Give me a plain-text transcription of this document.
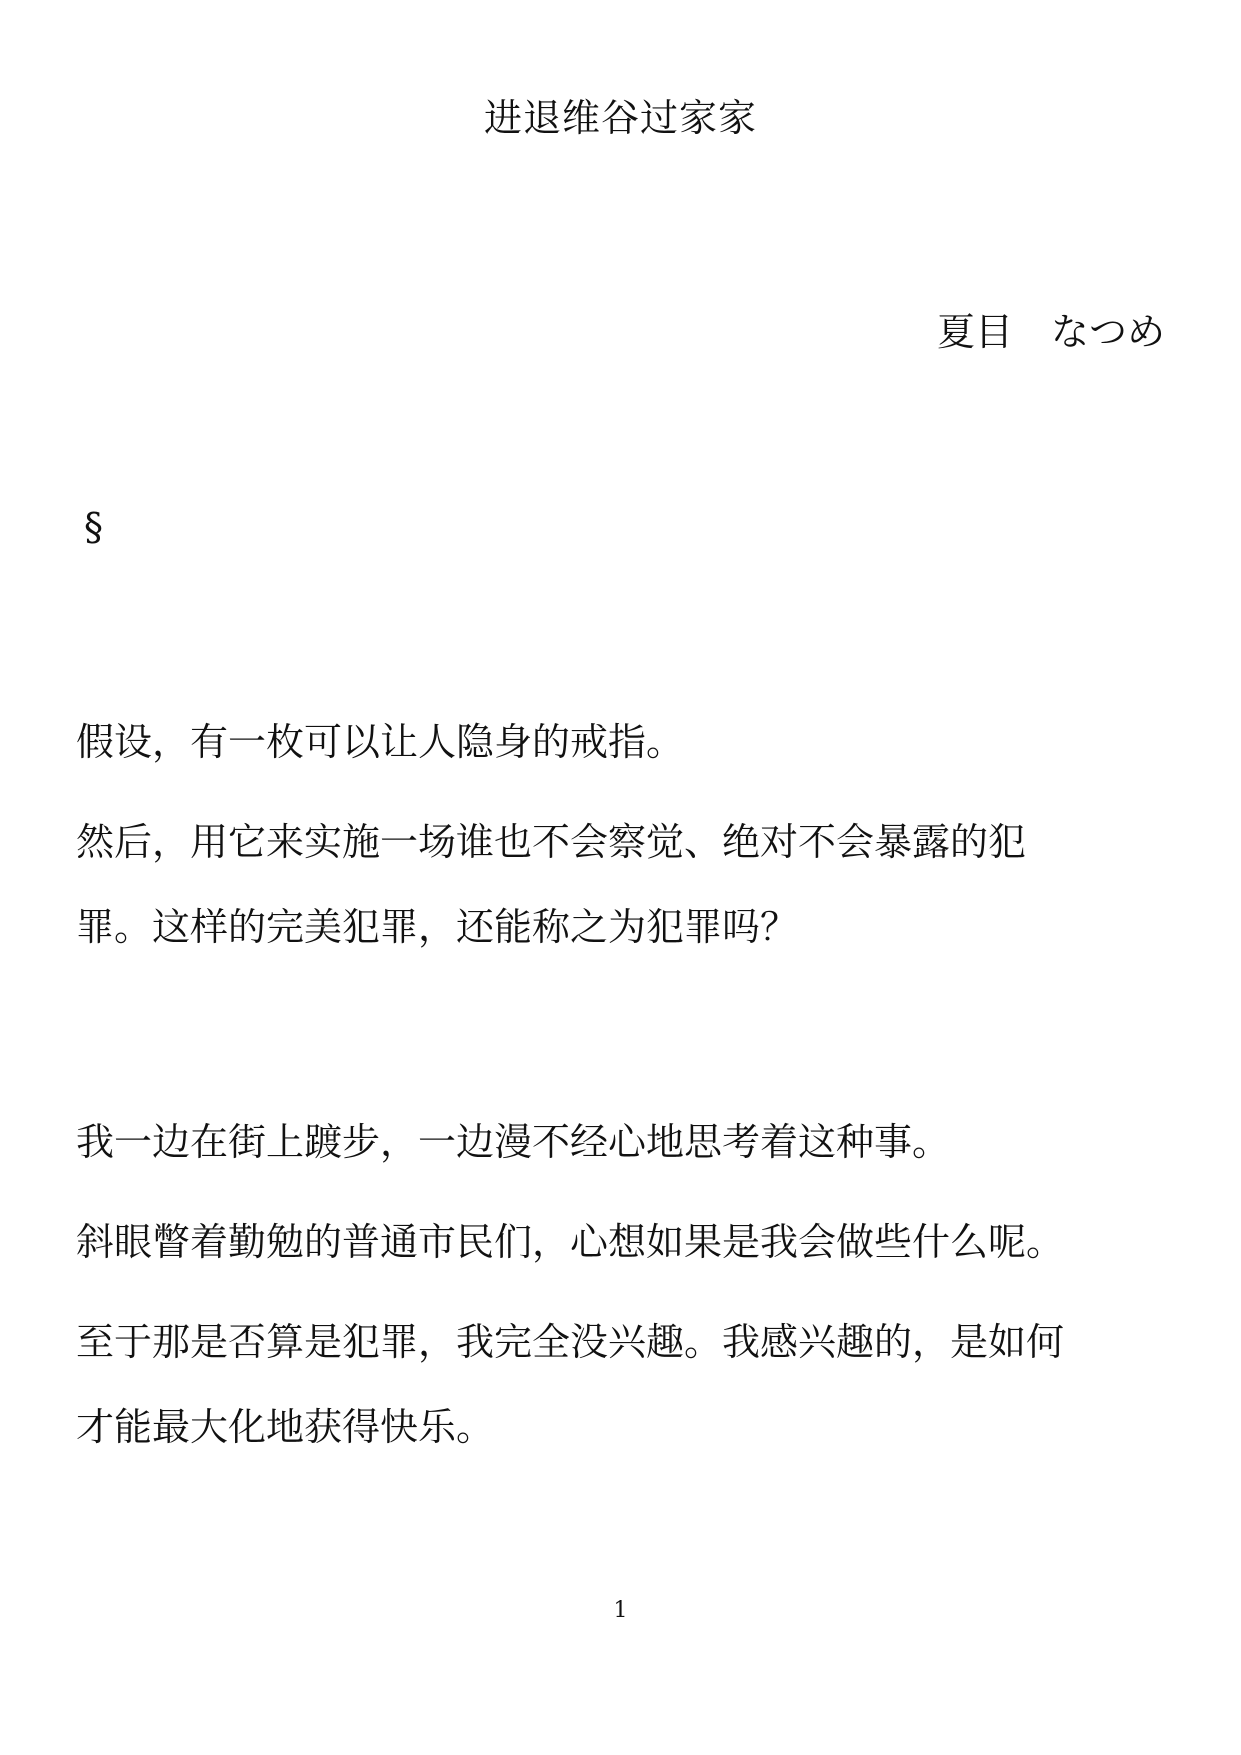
进退维谷过家家
夏目　なつめ
§

假设，有一枚可以让人隐身的戒指。

然后，用它来实施一场谁也不会察觉、绝对不会暴露的犯

罪。这样的完美犯罪，还能称之为犯罪吗？

我一边在街上踱步，一边漫不经心地思考着这种事。

斜眼瞥着勤勉的普通市民们，心想如果是我会做些什么呢。

至于那是否算是犯罪，我完全没兴趣。我感兴趣的，是如何

才能最大化地获得快乐。

1
